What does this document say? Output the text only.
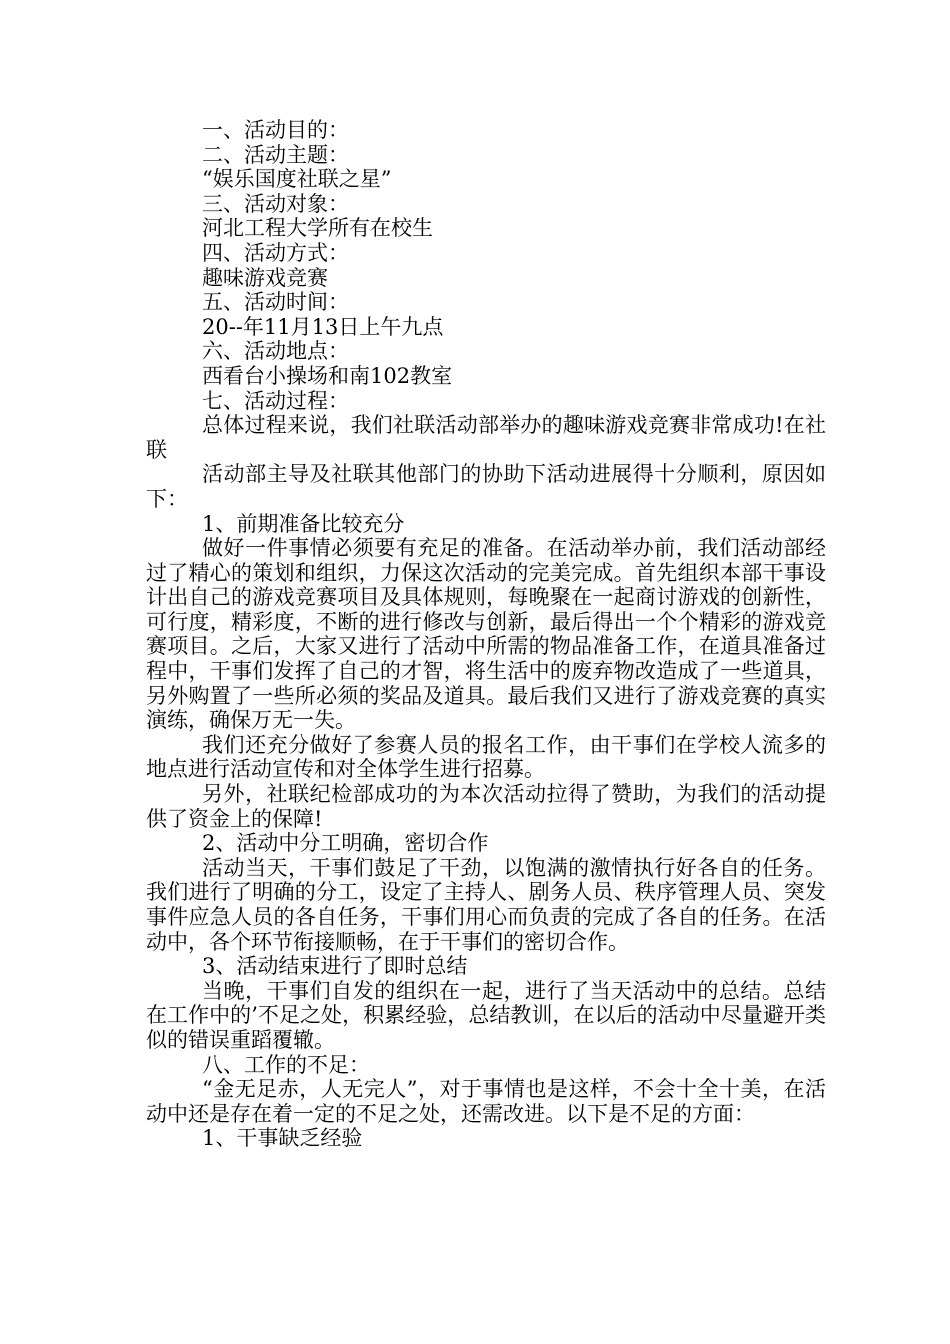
一、活动目的：
二、活动主题：
“娱乐国度社联之星”
三、活动对象：
河北工程大学所有在校生
四、活动方式：
趣味游戏竞赛
五、活动时间：
20--年11月13日上午九点
六、活动地点：
西看台小操场和南102教室
七、活动过程：

总体过程来说，我们社联活动部举办的趣味游戏竞赛非常成功!在社联

活动部主导及社联其他部门的协助下活动进展得十分顺利，原因如下：

1、前期准备比较充分

做好一件事情必须要有充足的准备。在活动举办前，我们活动部经过了精心的策划和组织，力保这次活动的完美完成。首先组织本部干事设计出自己的游戏竞赛项目及具体规则，每晚聚在一起商讨游戏的创新性，可行度，精彩度，不断的进行修改与创新，最后得出一个个精彩的游戏竞赛项目。之后，大家又进行了活动中所需的物品准备工作，在道具准备过程中，干事们发挥了自己的才智，将生活中的废弃物改造成了一些道具，另外购置了一些所必须的奖品及道具。最后我们又进行了游戏竞赛的真实演练，确保万无一失。

我们还充分做好了参赛人员的报名工作，由干事们在学校人流多的地点进行活动宣传和对全体学生进行招募。

另外，社联纪检部成功的为本次活动拉得了赞助，为我们的活动提供了资金上的保障!

2、活动中分工明确，密切合作

活动当天，干事们鼓足了干劲，以饱满的激情执行好各自的任务。我们进行了明确的分工，设定了主持人、剧务人员、秩序管理人员、突发事件应急人员的各自任务，干事们用心而负责的完成了各自的任务。在活动中，各个环节衔接顺畅，在于干事们的密切合作。

3、活动结束进行了即时总结

当晚，干事们自发的组织在一起，进行了当天活动中的总结。总结在工作中的’不足之处，积累经验，总结教训，在以后的活动中尽量避开类似的错误重蹈覆辙。

八、工作的不足：

“金无足赤，人无完人”，对于事情也是这样，不会十全十美，在活动中还是存在着一定的不足之处，还需改进。以下是不足的方面：

1、干事缺乏经验
